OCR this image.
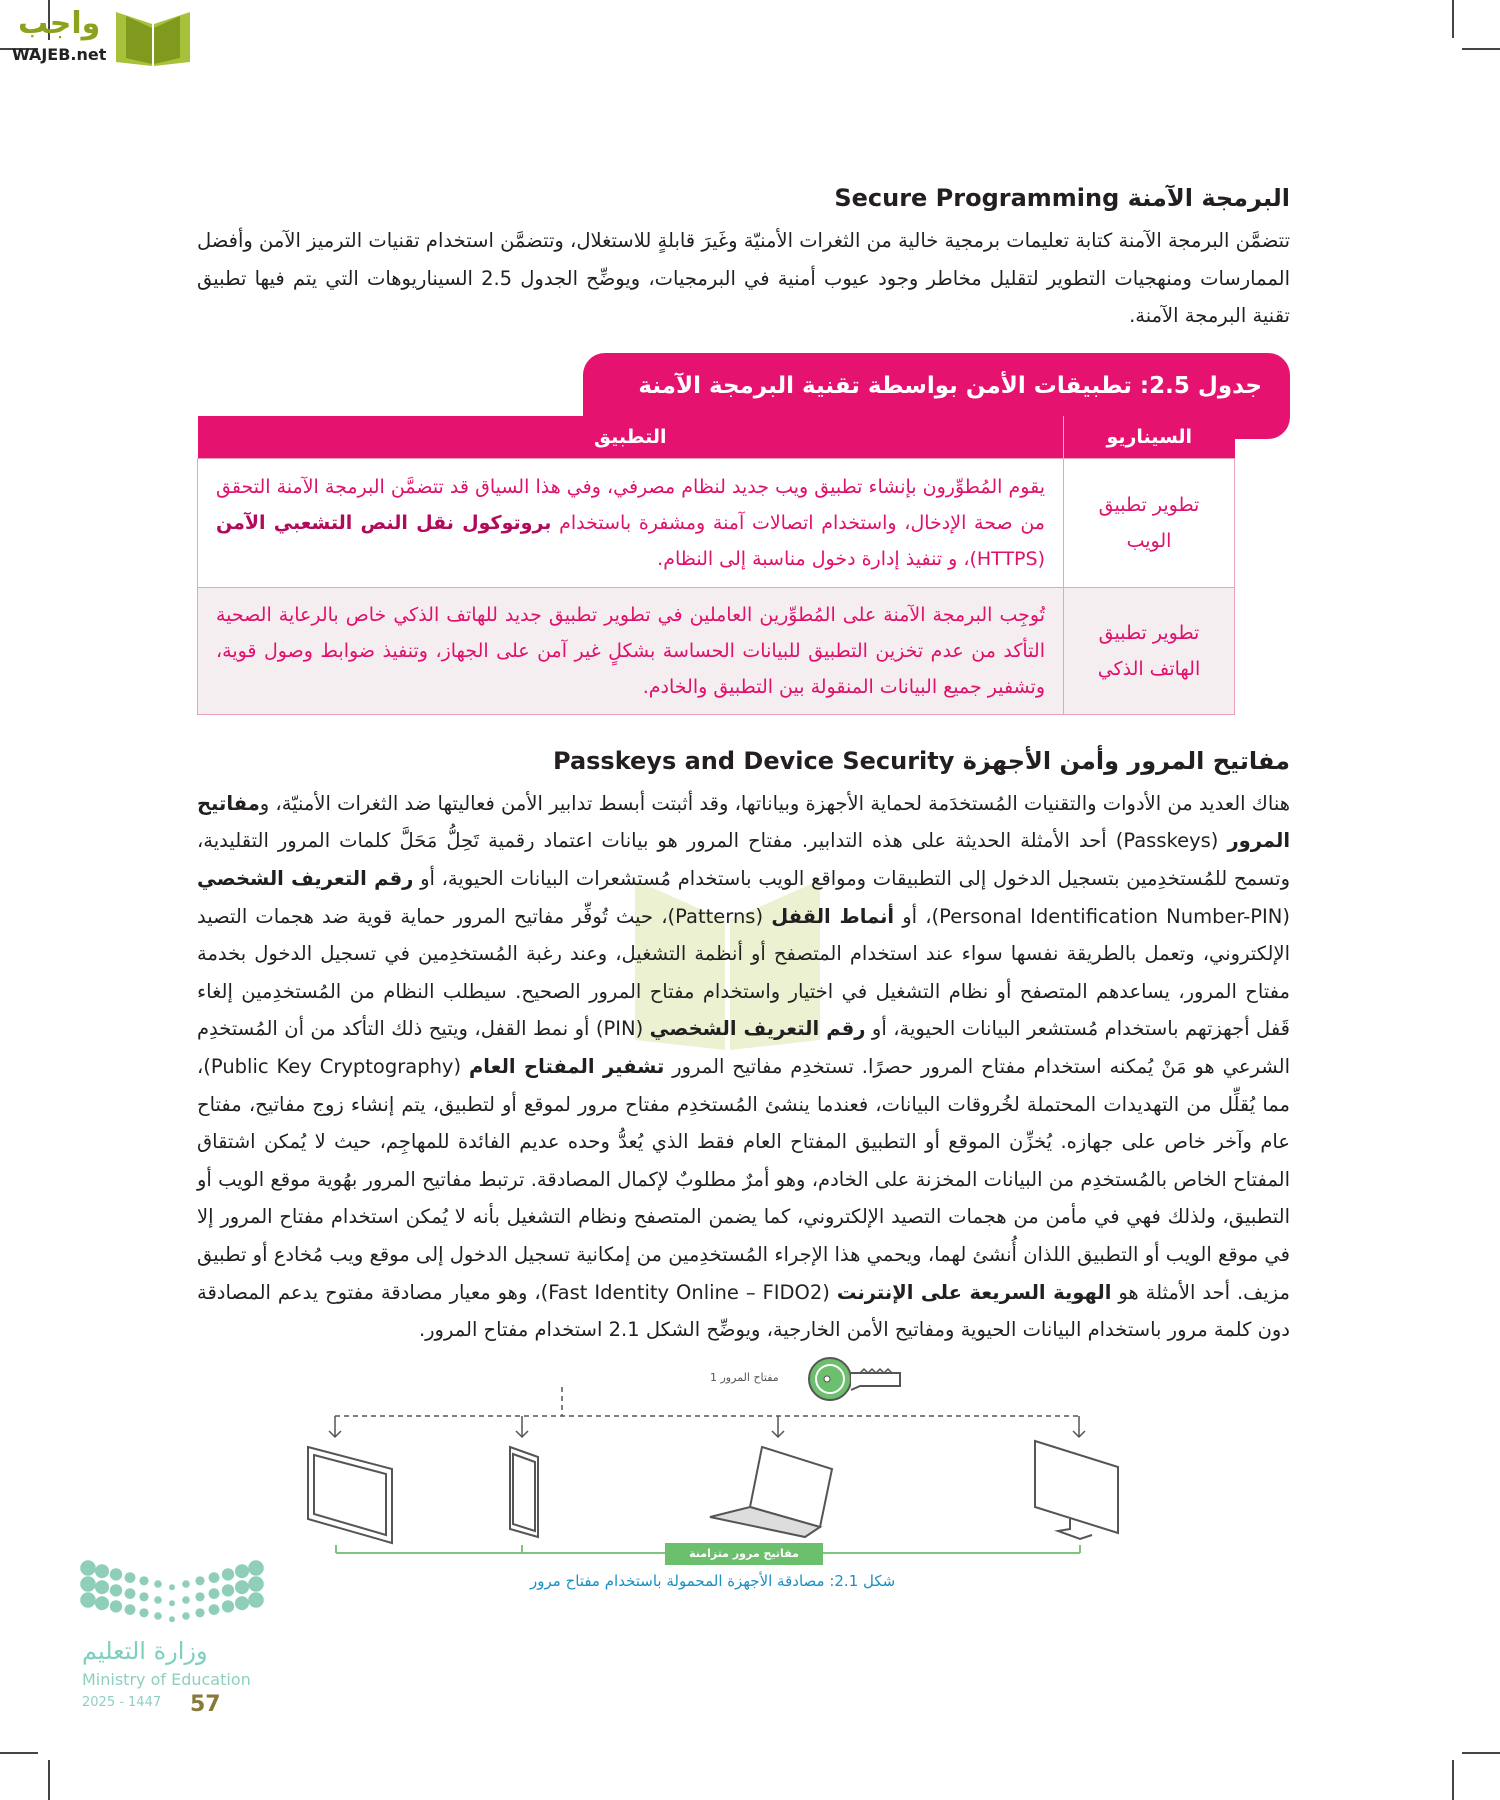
واجب
WAJEB.net
البرمجة الآمنة Secure Programming

تتضمَّن البرمجة الآمنة كتابة تعليمات برمجية خالية من الثغرات الأمنيّة وغَيرَ قابلةٍ للاستغلال، وتتضمَّن استخدام تقنيات الترميز الآمن وأفضل الممارسات ومنهجيات التطوير لتقليل مخاطر وجود عيوب أمنية في البرمجيات، ويوضِّح الجدول 2.5 السيناريوهات التي يتم فيها تطبيق تقنية البرمجة الآمنة.

جدول 2.5: تطبيقات الأمن بواسطة تقنية البرمجة الآمنة
السيناريو	التطبيق
تطوير تطبيق الويب	يقوم المُطوِّرون بإنشاء تطبيق ويب جديد لنظام مصرفي، وفي هذا السياق قد تتضمَّن البرمجة الآمنة التحقق من صحة الإدخال، واستخدام اتصالات آمنة ومشفرة باستخدام بروتوكول نقل النص التشعبي الآمن (HTTPS)، و تنفيذ إدارة دخول مناسبة إلى النظام.
تطوير تطبيق الهاتف الذكي	تُوجِب البرمجة الآمنة على المُطوِّرين العاملين في تطوير تطبيق جديد للهاتف الذكي خاص بالرعاية الصحية التأكد من عدم تخزين التطبيق للبيانات الحساسة بشكلٍ غير آمن على الجهاز، وتنفيذ ضوابط وصول قوية، وتشفير جميع البيانات المنقولة بين التطبيق والخادم.
مفاتيح المرور وأمن الأجهزة Passkeys and Device Security

هناك العديد من الأدوات والتقنيات المُستخدَمة لحماية الأجهزة وبياناتها، وقد أثبتت أبسط تدابير الأمن فعاليتها ضد الثغرات الأمنيّة، ومفاتيح المرور (Passkeys) أحد الأمثلة الحديثة على هذه التدابير. مفتاح المرور هو بيانات اعتماد رقمية تَحِلُّ مَحَلَّ كلمات المرور التقليدية، وتسمح للمُستخدِمين بتسجيل الدخول إلى التطبيقات ومواقع الويب باستخدام مُستشعرات البيانات الحيوية، أو رقم التعريف الشخصي (Personal Identification Number-PIN)، أو أنماط القفل (Patterns)، حيث تُوفِّر مفاتيح المرور حماية قوية ضد هجمات التصيد الإلكتروني، وتعمل بالطريقة نفسها سواء عند استخدام المتصفح أو أنظمة التشغيل، وعند رغبة المُستخدِمين في تسجيل الدخول بخدمة مفتاح المرور، يساعدهم المتصفح أو نظام التشغيل في اختيار واستخدام مفتاح المرور الصحيح. سيطلب النظام من المُستخدِمين إلغاء قَفل أجهزتهم باستخدام مُستشعر البيانات الحيوية، أو رقم التعريف الشخصي (PIN) أو نمط القفل، ويتيح ذلك التأكد من أن المُستخدِم الشرعي هو مَنْ يُمكنه استخدام مفتاح المرور حصرًا. تستخدِم مفاتيح المرور تشفير المفتاح العام (Public Key Cryptography)، مما يُقلِّل من التهديدات المحتملة لخُروقات البيانات، فعندما ينشئ المُستخدِم مفتاح مرور لموقع أو لتطبيق، يتم إنشاء زوج مفاتيح، مفتاح عام وآخر خاص على جهازه. يُخزِّن الموقع أو التطبيق المفتاح العام فقط الذي يُعدُّ وحده عديم الفائدة للمهاجِم، حيث لا يُمكن اشتقاق المفتاح الخاص بالمُستخدِم من البيانات المخزنة على الخادم، وهو أمرٌ مطلوبٌ لإكمال المصادقة. ترتبط مفاتيح المرور بهُوية موقع الويب أو التطبيق، ولذلك فهي في مأمن من هجمات التصيد الإلكتروني، كما يضمن المتصفح ونظام التشغيل بأنه لا يُمكن استخدام مفتاح المرور إلا في موقع الويب أو التطبيق اللذان أُنشئ لهما، ويحمي هذا الإجراء المُستخدِمين من إمكانية تسجيل الدخول إلى موقع ويب مُخادع أو تطبيق مزيف. أحد الأمثلة هو الهوية السريعة على الإنترنت (Fast Identity Online – FIDO2)، وهو معيار مصادقة مفتوح يدعم المصادقة دون كلمة مرور باستخدام البيانات الحيوية ومفاتيح الأمن الخارجية، ويوضِّح الشكل 2.1 استخدام مفتاح المرور.

مفتاح المرور 1
مفاتيح مرور متزامنة
شكل 2.1: مصادقة الأجهزة المحمولة باستخدام مفتاح مرور
وزارة التعليم
Ministry of Education
2025 - 1447 57
